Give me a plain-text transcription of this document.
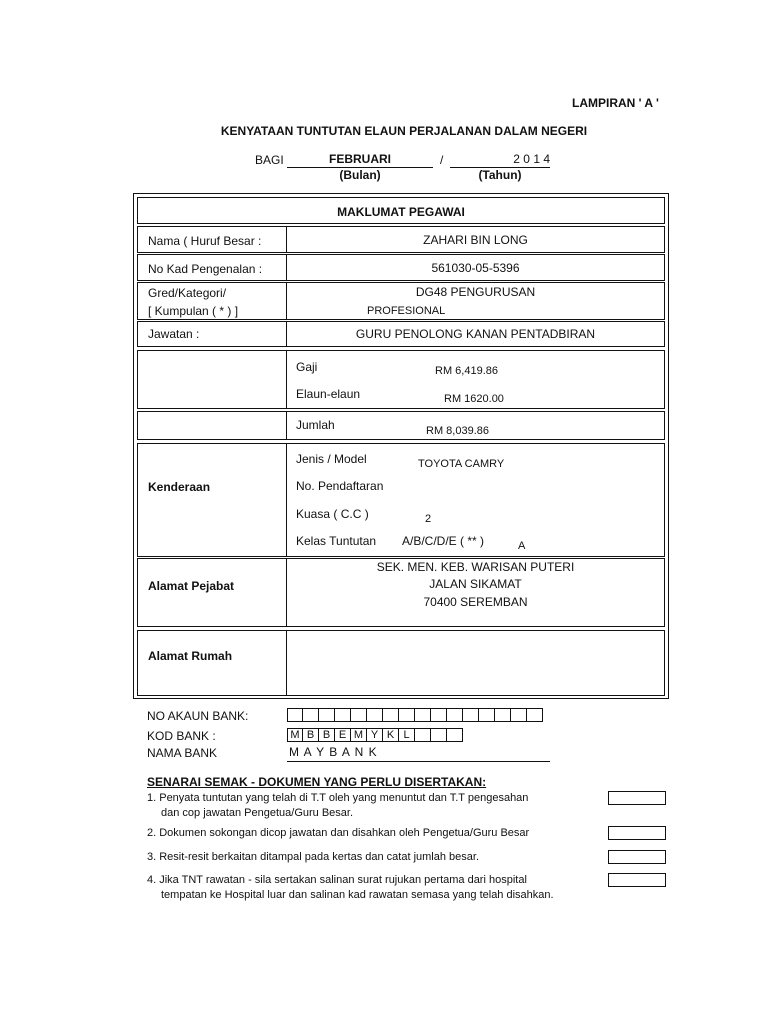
LAMPIRAN ' A '
KENYATAAN TUNTUTAN ELAUN PERJALANAN DALAM NEGERI
BAGI	FEBRUARI	/	2 0 1 4
(Bulan)	(Tahun)
MAKLUMAT PEGAWAI
Nama ( Huruf Besar :	ZAHARI BIN LONG
No Kad Pengenalan :	561030-05-5396
Gred/Kategori/
[ Kumpulan ( * ) ]
DG48 PENGURUSAN
PROFESIONAL
Jawatan :	GURU PENOLONG KANAN PENTADBIRAN
Gaji	RM 6,419.86
Elaun-elaun	RM 1620.00
Jumlah	RM 8,039.86
Kenderaan
Jenis / Model	TOYOTA CAMRY
No. Pendaftaran
Kuasa ( C.C )	2
Kelas Tuntutan A/B/C/D/E ( ** )	A
Alamat Pejabat
SEK. MEN. KEB. WARISAN PUTERI
JALAN SIKAMAT
70400 SEREMBAN
Alamat Rumah
NO AKAUN BANK:
KOD BANK :	M B B E M Y K L
NAMA BANK	M A Y B A N K
SENARAI SEMAK - DOKUMEN YANG PERLU DISERTAKAN:
1. Penyata tuntutan yang telah di T.T oleh yang menuntut dan T.T pengesahan
dan cop jawatan Pengetua/Guru Besar.
2. Dokumen sokongan dicop jawatan dan disahkan oleh Pengetua/Guru Besar
3. Resit-resit berkaitan ditampal pada kertas dan catat jumlah besar.
4. Jika TNT rawatan - sila sertakan salinan surat rujukan pertama dari hospital
tempatan ke Hospital luar dan salinan kad rawatan semasa yang telah disahkan.
